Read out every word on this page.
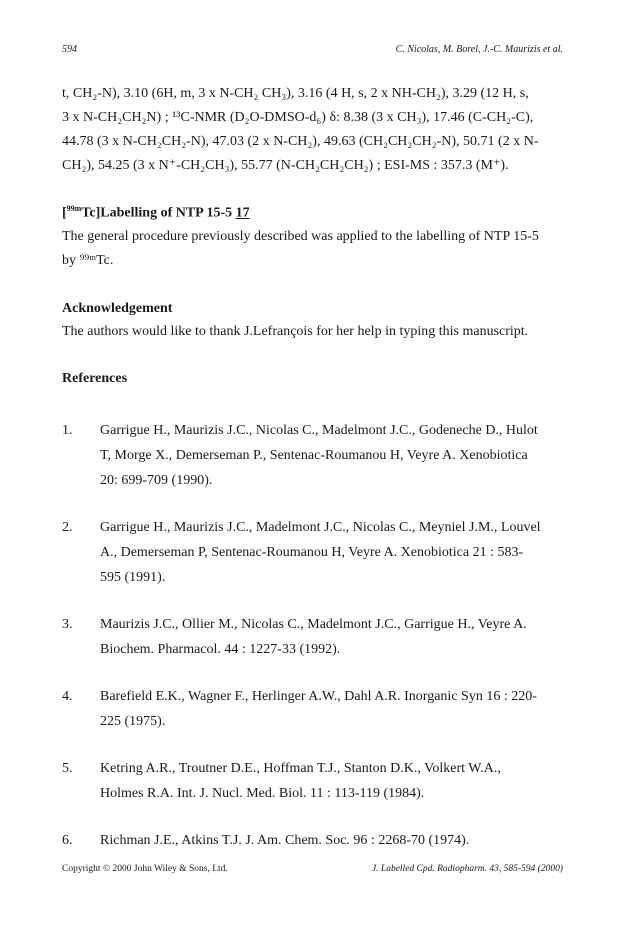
594	C. Nicolas, M. Borel, J.-C. Maurizis et al.
t, CH₂-N), 3.10 (6H, m, 3 x N-CH₂ CH₃), 3.16 (4 H, s, 2 x NH-CH₂), 3.29 (12 H, s,
3 x N-CH₂CH₂N) ; ¹³C-NMR (D₂O-DMSO-d₆) δ: 8.38 (3 x CH₃), 17.46 (C-CH₂-C),
44.78 (3 x N-CH₂CH₂-N), 47.03 (2 x N-CH₂), 49.63 (CH₂CH₂CH₂-N), 50.71 (2 x N-
CH₂), 54.25 (3 x N⁺-CH₂CH₃), 55.77 (N-CH₂CH₂CH₂) ; ESI-MS : 357.3 (M⁺).
[$^{99m}$Tc]Labelling of NTP 15-5 17
The general procedure previously described was applied to the labelling of NTP 15-5
by ⁹⁹ᵐTc.
Acknowledgement
The authors would like to thank J.Lefrançois for her help in typing this manuscript.
References
1.	Garrigue H., Maurizis J.C., Nicolas C., Madelmont J.C., Godeneche D., Hulot
T, Morge X., Demerseman P., Sentenac-Roumanou H, Veyre A. Xenobiotica
20: 699-709 (1990).
2.	Garrigue H., Maurizis J.C., Madelmont J.C., Nicolas C., Meyniel J.M., Louvel
A., Demerseman P, Sentenac-Roumanou H, Veyre A. Xenobiotica 21 : 583-
595 (1991).
3.	Maurizis J.C., Ollier M., Nicolas C., Madelmont J.C., Garrigue H., Veyre A.
Biochem. Pharmacol. 44 : 1227-33 (1992).
4.	Barefield E.K., Wagner F., Herlinger A.W., Dahl A.R. Inorganic Syn 16 : 220-
225 (1975).
5.	Ketring A.R., Troutner D.E., Hoffman T.J., Stanton D.K., Volkert W.A.,
Holmes R.A. Int. J. Nucl. Med. Biol. 11 : 113-119 (1984).
6.	Richman J.E., Atkins T.J. J. Am. Chem. Soc. 96 : 2268-70 (1974).
Copyright © 2000 John Wiley & Sons, Ltd.	J. Labelled Cpd. Radiopharm. 43, 585-594 (2000)
